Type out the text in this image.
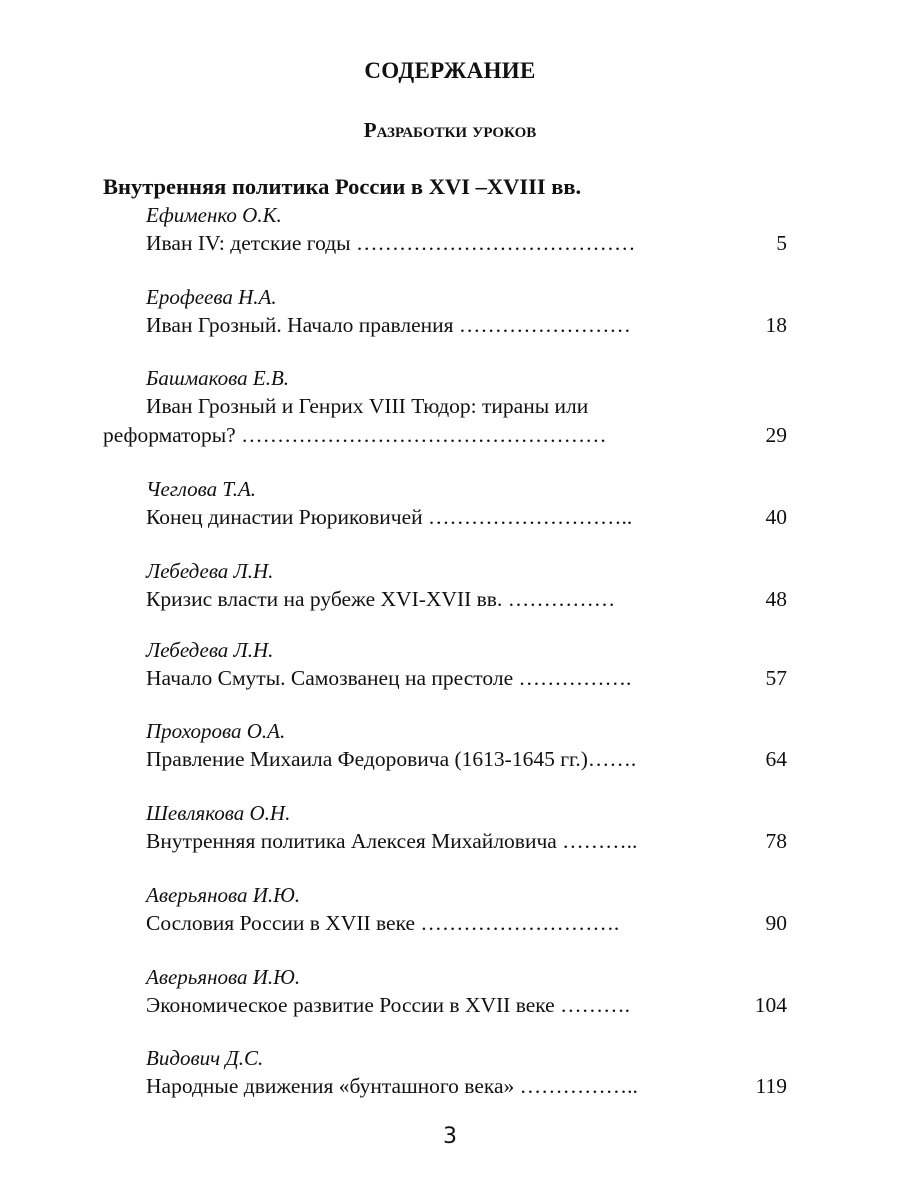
СОДЕРЖАНИЕ
Разработки уроков
Внутренняя политика России в XVI –XVIII вв.
Ефименко О.К.
Иван IV: детские годы …………………………………	5
Ерофеева Н.А.
Иван Грозный. Начало правления ……………………	18
Башмакова Е.В.
Иван Грозный и Генрих VIII Тюдор: тираны или
реформаторы? ……………………………………………	29
Чеглова Т.А.
Конец династии Рюриковичей ………………………..	40
Лебедева Л.Н.
Кризис власти на рубеже XVI-XVII вв. ……………	48
Лебедева Л.Н.
Начало Смуты. Самозванец на престоле …………….	57
Прохорова О.А.
Правление Михаила Федоровича (1613-1645 гг.)…….	64
Шевлякова О.Н.
Внутренняя политика Алексея Михайловича ………..	78
Аверьянова И.Ю.
Сословия России в XVII веке ……………………….	90
Аверьянова И.Ю.
Экономическое развитие России в XVII веке ……….	104
Видович Д.С.
Народные движения «бунташного века» ……………..	119
3
